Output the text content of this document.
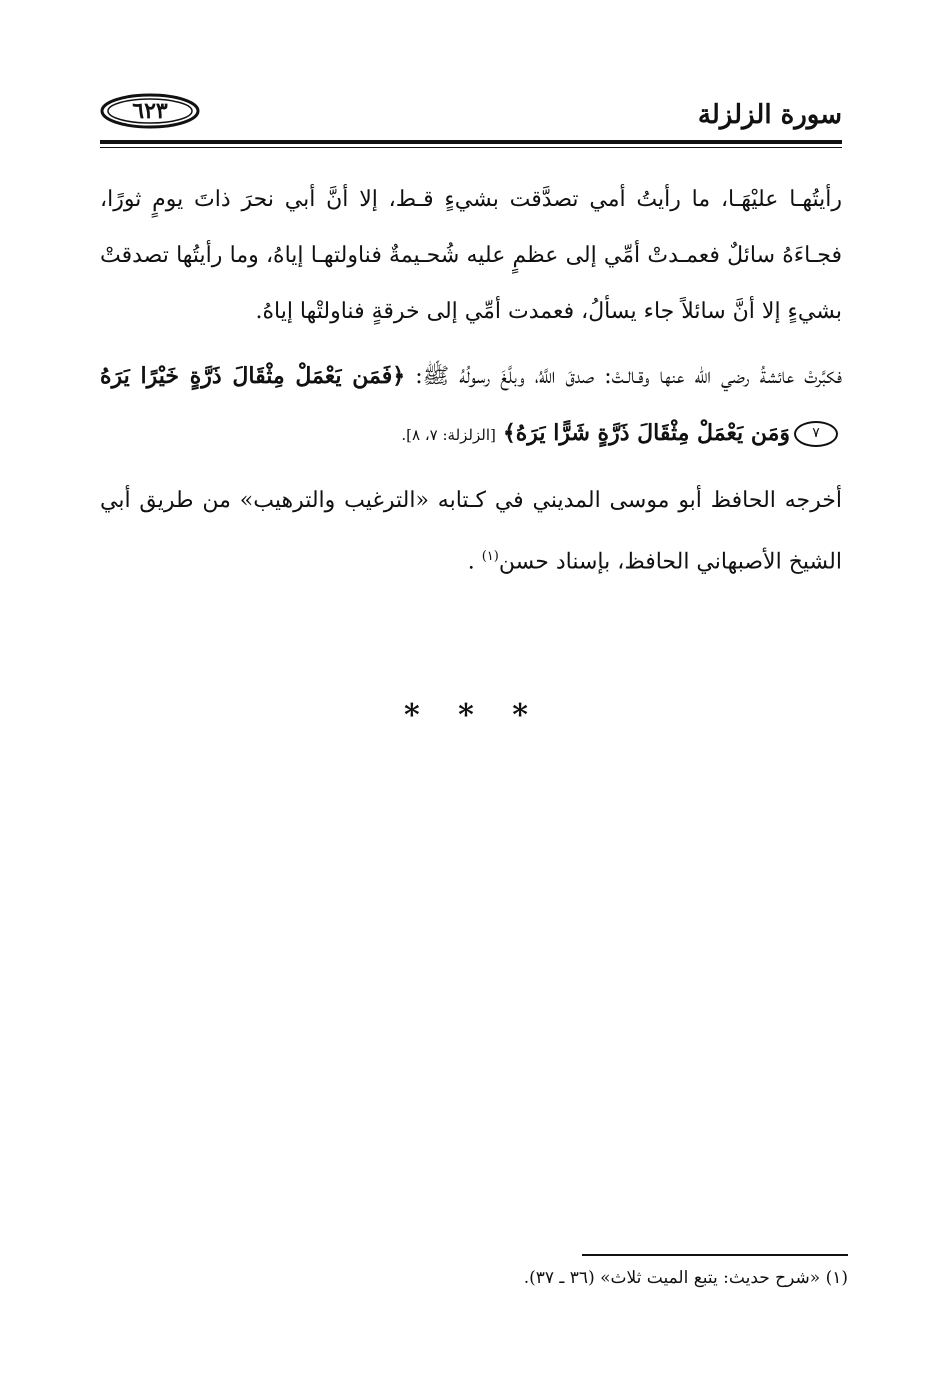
سورة الزلزلة
٦٢٣

رأيتُهـا عليْهَـا، ما رأيتُ أمي تصدَّقت بشيءٍ قـط، إلا أنَّ أبي نحرَ ذاتَ يومٍ ثورًا، فجـاءَهُ سائلٌ فعمـدتْ أمِّي إلى عظمٍ عليه شُحـيمةٌ فناولتهـا إياهُ، وما رأيتُها تصدقتْ بشيءٍ إلا أنَّ سائلاً جاء يسألُ، فعمدت أمِّي إلى خرقةٍ فناولتْها إياهُ.

فكبَّرتْ عائشةُ رضي الله عنها وقـالـتْ: صدقَ اللَّهُ، وبلَّغَ رسولُهُ ﷺ: ﴿فَمَن يَعْمَلْ مِثْقَالَ ذَرَّةٍ خَيْرًا يَرَهُ٧وَمَن يَعْمَلْ مِثْقَالَ ذَرَّةٍ شَرًّا يَرَهُ﴾ [الزلزلة: ٧، ٨].

أخرجه الحافظ أبو موسى المديني في كـتابه «الترغيب والترهيب» من طريق أبي الشيخ الأصبهاني الحافظ، بإسناد حسن$^{(١)}$ .

* * *
(١) «شرح حديث: يتبع الميت ثلاث» (٣٦ ـ ٣٧).
